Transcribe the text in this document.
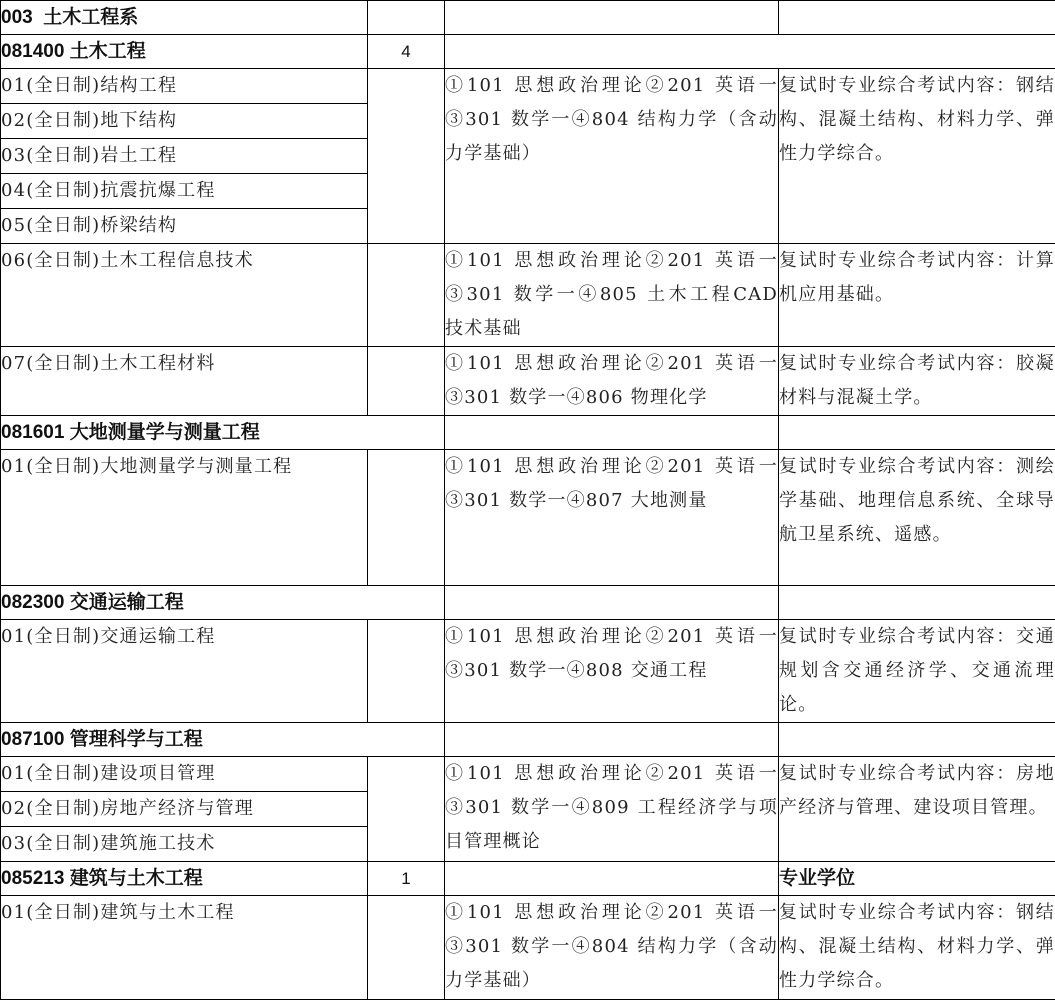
003 土木工程系			
081400 土木工程	4		
01(全日制)结构工程		①101 思想政治理论②201 英语一③301 数学一④804 结构力学（含动力学基础）	复试时专业综合考试内容：钢结构、混凝土结构、材料力学、弹性力学综合。
02(全日制)地下结构			
03(全日制)岩土工程			
04(全日制)抗震抗爆工程			
05(全日制)桥梁结构			
06(全日制)土木工程信息技术		①101 思想政治理论②201 英语一③301 数学一④805 土木工程CAD 技术基础	复试时专业综合考试内容：计算机应用基础。
07(全日制)土木工程材料		①101 思想政治理论②201 英语一③301 数学一④806 物理化学	复试时专业综合考试内容：胶凝材料与混凝土学。
081601 大地测量学与测量工程			
01(全日制)大地测量学与测量工程		①101 思想政治理论②201 英语一③301 数学一④807 大地测量	复试时专业综合考试内容：测绘学基础、地理信息系统、全球导航卫星系统、遥感。
082300 交通运输工程			
01(全日制)交通运输工程		①101 思想政治理论②201 英语一③301 数学一④808 交通工程	复试时专业综合考试内容：交通规划含交通经济学、交通流理论。
087100 管理科学与工程			
01(全日制)建设项目管理		①101 思想政治理论②201 英语一③301 数学一④809 工程经济学与项目管理概论	复试时专业综合考试内容：房地产经济与管理、建设项目管理。
02(全日制)房地产经济与管理			
03(全日制)建筑施工技术			
085213 建筑与土木工程	1		专业学位
01(全日制)建筑与土木工程		①101 思想政治理论②201 英语一③301 数学一④804 结构力学（含动力学基础）	复试时专业综合考试内容：钢结构、混凝土结构、材料力学、弹性力学综合。
